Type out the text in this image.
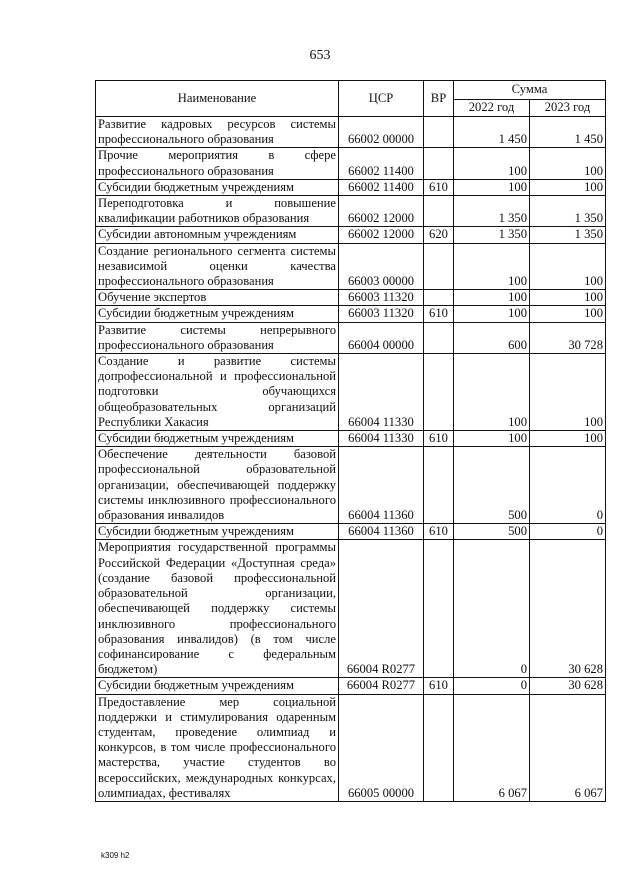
653
Наименование	ЦСР	ВР	Сумма	
			2022 год	2023 год
Развитие кадровых ресурсов системы профессионального образования	66002 00000		1 450	1 450
Прочие мероприятия в сфере профессионального образования	66002 11400		100	100
Субсидии бюджетным учреждениям	66002 11400	610	100	100
Переподготовка и повышение квалификации работников образования	66002 12000		1 350	1 350
Субсидии автономным учреждениям	66002 12000	620	1 350	1 350
Создание регионального сегмента системы независимой оценки качества профессионального образования	66003 00000		100	100
Обучение экспертов	66003 11320		100	100
Субсидии бюджетным учреждениям	66003 11320	610	100	100
Развитие системы непрерывного профессионального образования	66004 00000		600	30 728
Создание и развитие системы допрофессиональной и профессиональной подготовки обучающихся общеобразовательных организаций Республики Хакасия	66004 11330		100	100
Субсидии бюджетным учреждениям	66004 11330	610	100	100
Обеспечение деятельности базовой профессиональной образовательной организации, обеспечивающей поддержку системы инклюзивного профессионального образования инвалидов	66004 11360		500	0
Субсидии бюджетным учреждениям	66004 11360	610	500	0
Мероприятия государственной программы Российской Федерации «Доступная среда» (создание базовой профессиональной образовательной организации, обеспечивающей поддержку системы инклюзивного профессионального образования инвалидов) (в том числе софинансирование с федеральным бюджетом)	66004 R0277		0	30 628
Субсидии бюджетным учреждениям	66004 R0277	610	0	30 628
Предоставление мер социальной поддержки и стимулирования одаренным студентам, проведение олимпиад и конкурсов, в том числе профессионального мастерства, участие студентов во всероссийских, международных конкурсах, олимпиадах, фестивалях	66005 00000		6 067	6 067
k309 h2
